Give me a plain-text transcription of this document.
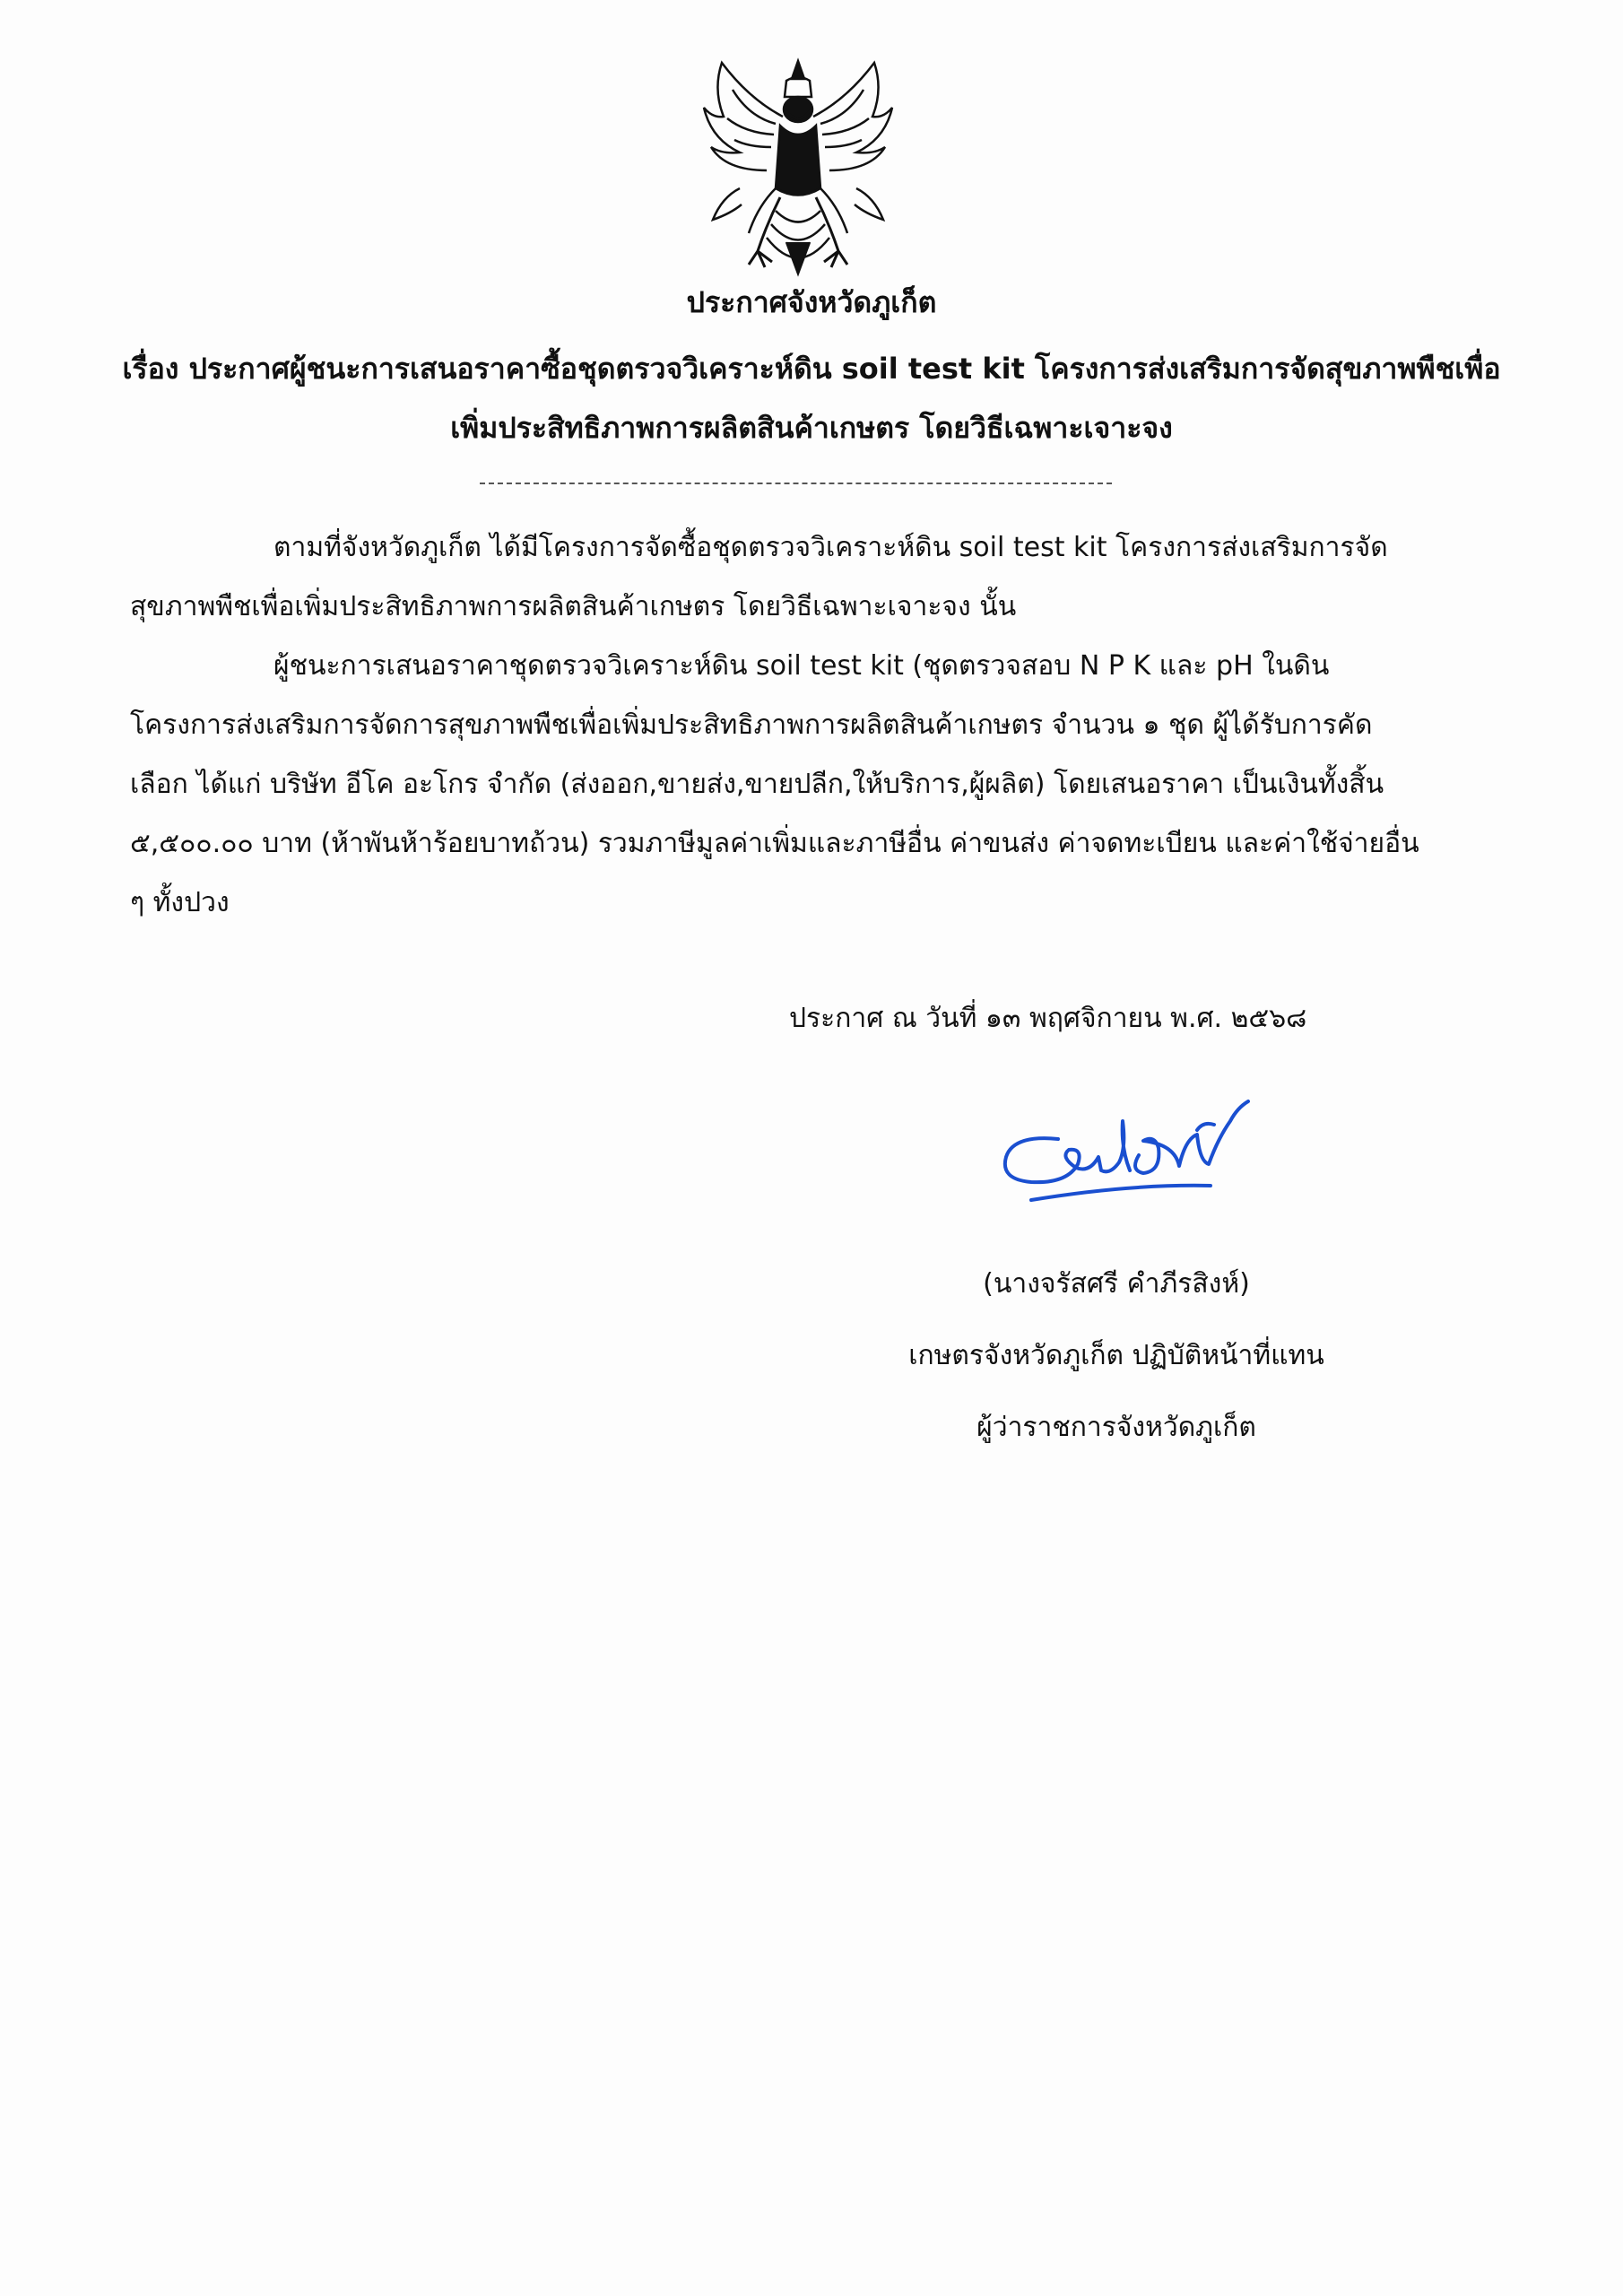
ประกาศจังหวัดภูเก็ต
เรื่อง ประกาศผู้ชนะการเสนอราคาซื้อชุดตรวจวิเคราะห์ดิน soil test kit โครงการส่งเสริมการจัดสุขภาพพืชเพื่อ
เพิ่มประสิทธิภาพการผลิตสินค้าเกษตร โดยวิธีเฉพาะเจาะจง

ตามที่จังหวัดภูเก็ต ได้มีโครงการจัดซื้อชุดตรวจวิเคราะห์ดิน soil test kit โครงการส่งเสริมการจัดสุขภาพพืชเพื่อเพิ่มประสิทธิภาพการผลิตสินค้าเกษตร โดยวิธีเฉพาะเจาะจง นั้น

ผู้ชนะการเสนอราคาชุดตรวจวิเคราะห์ดิน soil test kit (ชุดตรวจสอบ N P K และ pH ในดิน โครงการส่งเสริมการจัดการสุขภาพพืชเพื่อเพิ่มประสิทธิภาพการผลิตสินค้าเกษตร จำนวน ๑ ชุด ผู้ได้รับการคัดเลือก ได้แก่ บริษัท อีโค อะโกร จำกัด (ส่งออก,ขายส่ง,ขายปลีก,ให้บริการ,ผู้ผลิต) โดยเสนอราคา เป็นเงินทั้งสิ้น ๕,๕๐๐.๐๐ บาท (ห้าพันห้าร้อยบาทถ้วน) รวมภาษีมูลค่าเพิ่มและภาษีอื่น ค่าขนส่ง ค่าจดทะเบียน และค่าใช้จ่ายอื่น ๆ ทั้งปวง

ประกาศ ณ วันที่ ๑๓ พฤศจิกายน พ.ศ. ๒๕๖๘
(นางจรัสศรี คำภีรสิงห์)
เกษตรจังหวัดภูเก็ต ปฏิบัติหน้าที่แทน
ผู้ว่าราชการจังหวัดภูเก็ต
